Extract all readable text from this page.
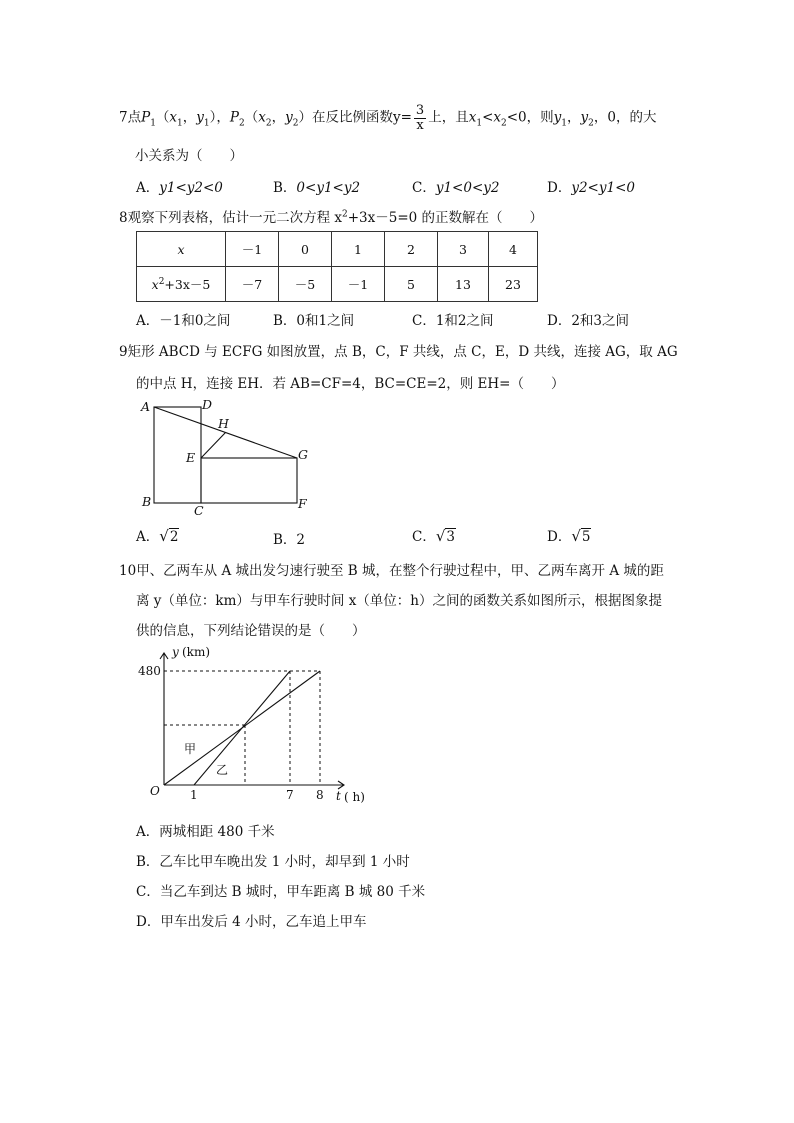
7点$P_1(x_1$，$y_1$），$P_2(x_2$，$y_2$）在反比例函数$y= \frac{3}{x}$ 上，且$x_1<x_2<0$，则$y_1$，$y_2$，0，的大
小关系为（　　）
A．y1<y2<0	B．0<y1<y2	C．y1<0<y2	D．y2<y1<0
8观察下列表格，估计一元二次方程 $x^2+3x-5=0$ 的正数解在（　　）
x	－1	0	1	2	3	4
$x^2+3x-5$	－7	－5	－1	5	13	23
A．－1和0之间	B．0和1之间	C．1和2之间	D．2和3之间
9矩形 ABCD 与 ECFG 如图放置，点 B，C，F 共线，点 C，E，D 共线，连接 AG，取 AG
的中点 H，连接 EH．若 AB=CF=4，BC=CE=2，则 EH=（　　）
A	D
H
E	G
B
C	F
A．√2	B．2	C．√3	D．√5
10甲、乙两车从 A 城出发匀速行驶至 B 城，在整个行驶过程中，甲、乙两车离开 A 城的距
离 y（单位：km）与甲车行驶时间 x（单位：h）之间的函数关系如图所示，根据图象提
供的信息，下列结论错误的是（　　）
y (km)
480
O	1	7 8 t ( h)
甲
乙
A．两城相距 480 千米
B．乙车比甲车晚出发 1 小时，却早到 1 小时
C．当乙车到达 B 城时，甲车距离 B 城 80 千米
D．甲车出发后 4 小时，乙车追上甲车
